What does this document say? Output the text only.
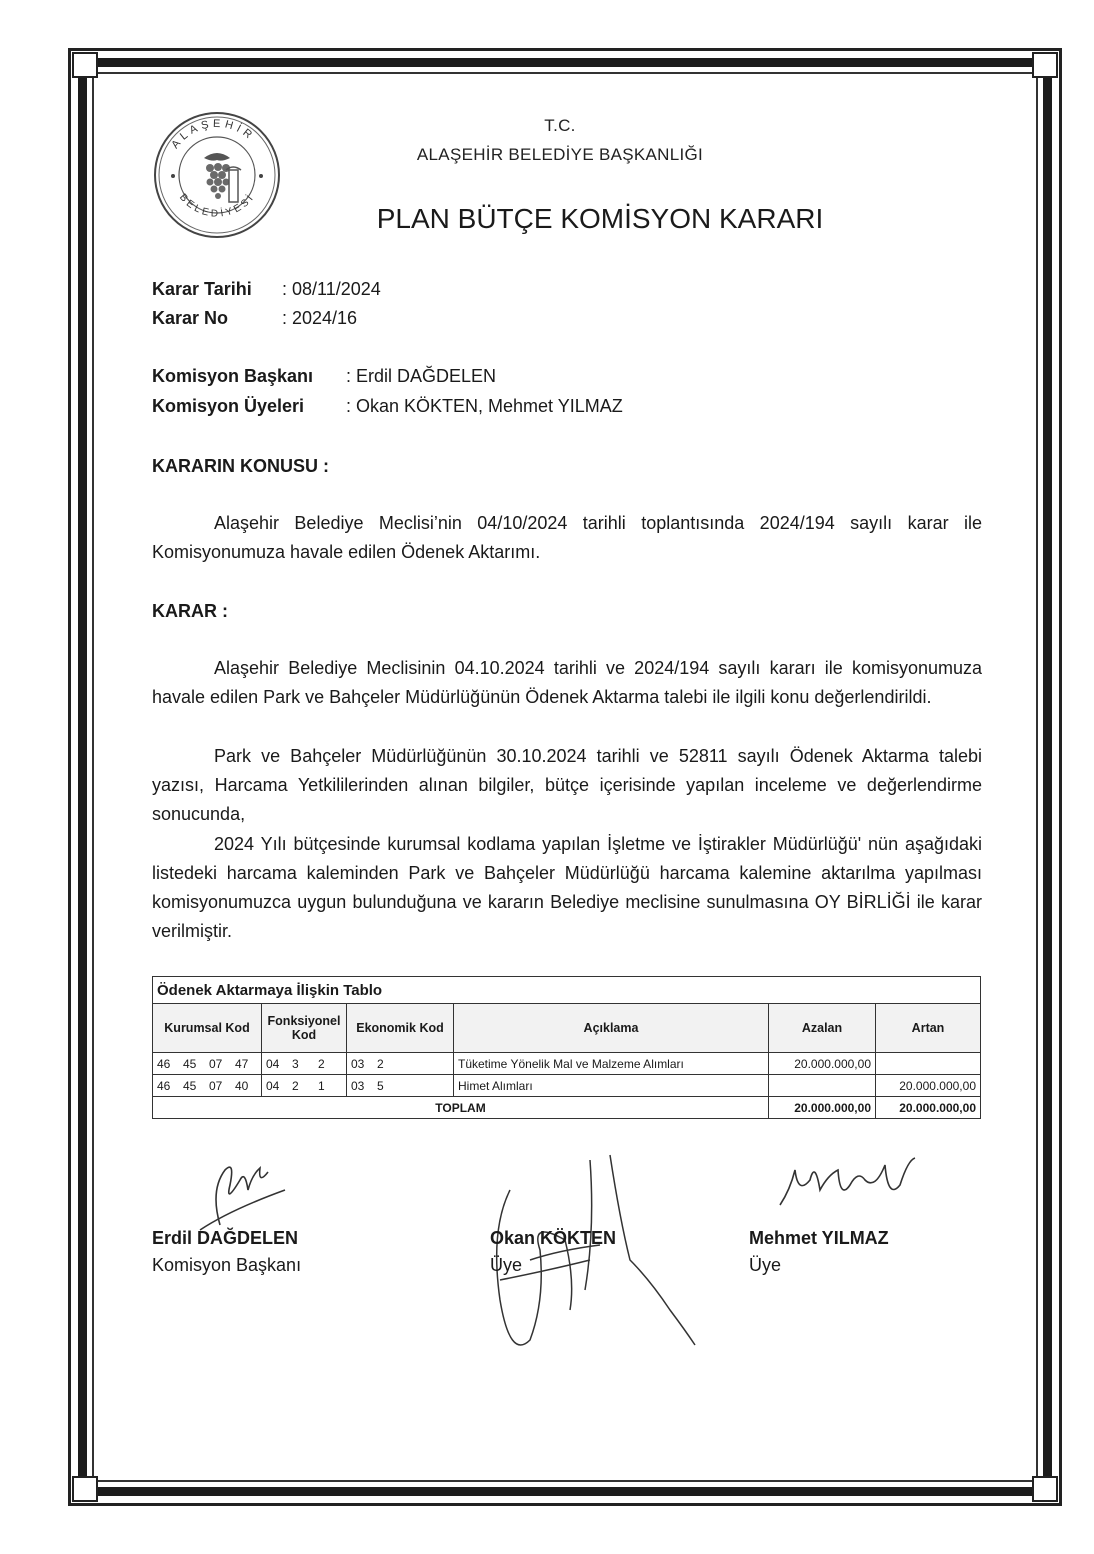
ALAŞEHİR
BELEDİYESİ
T.C.
ALAŞEHİR BELEDİYE BAŞKANLIĞI
PLAN BÜTÇE KOMİSYON KARARI
Karar Tarihi : 08/11/2024
Karar No	: 2024/16
Komisyon Başkanı : Erdil DAĞDELEN
Komisyon Üyeleri : Okan KÖKTEN, Mehmet YILMAZ
KARARIN KONUSU :
Alaşehir Belediye Meclisi’nin 04/10/2024 tarihli toplantısında 2024/194 sayılı karar ile Komisyonumuza havale edilen Ödenek Aktarımı.
KARAR :
Alaşehir Belediye Meclisinin 04.10.2024 tarihli ve 2024/194 sayılı kararı ile komisyonumuza havale edilen Park ve Bahçeler Müdürlüğünün Ödenek Aktarma talebi ile ilgili konu değerlendirildi.
Park ve Bahçeler Müdürlüğünün 30.10.2024 tarihli ve 52811 sayılı Ödenek Aktarma talebi yazısı, Harcama Yetkililerinden alınan bilgiler, bütçe içerisinde yapılan inceleme ve değerlendirme sonucunda,
2024 Yılı bütçesinde kurumsal kodlama yapılan İşletme ve İştirakler Müdürlüğü' nün aşağıdaki listedeki harcama kaleminden Park ve Bahçeler Müdürlüğü harcama kalemine aktarılma yapılması komisyonumuzca uygun bulunduğuna ve kararın Belediye meclisine sunulmasına OY BİRLİĞİ ile karar verilmiştir.
Ödenek Aktarmaya İlişkin Tablo					
Kurumsal Kod	Fonksiyonel Kod	Ekonomik Kod	Açıklama	Azalan	Artan
46 45 07 47	04 3 2	03 2	Tüketime Yönelik Mal ve Malzeme Alımları	20.000.000,00	
46 45 07 40	04 2 1	03 5	Himet Alımları		20.000.000,00
TOPLAM				20.000.000,00	20.000.000,00
Erdil DAĞDELEN
Komisyon Başkanı
Okan KÖKTEN
Üye
Mehmet YILMAZ
Üye
